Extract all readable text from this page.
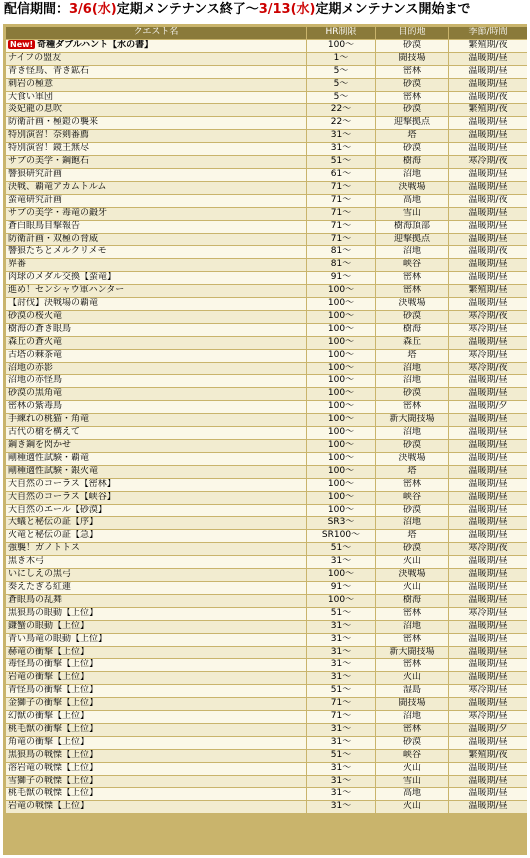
配信期間：3/6(水)定期メンテナンス終了〜3/13(水)定期メンテナンス開始まで
クエスト名	HR制限	目的地	季節/時間
New! 奇種ダブルハント【水の書】	100〜	砂漠	繁殖期/夜
ナイフの盟友	1〜	闘技場	温暖期/昼
青き怪鳥、青き鉱石	5〜	密林	温暖期/昼
刺岩の極意	5〜	砂漠	温暖期/昼
大食い軍団	5〜	密林	温暖期/夜
炎妃龍の息吹	22〜	砂漠	繁殖期/夜
防衛計画・極鎧の襲来	22〜	迎撃拠点	温暖期/昼
特別演習！奈剣番薦	31〜	塔	温暖期/昼
特別演習！鏡王無尽	31〜	砂漠	温暖期/昼
サブの美学・鋼飽石	51〜	樹海	寒冷期/夜
響狼研究計画	61〜	沼地	温暖期/昼
決戦、覇竜アカムトルム	71〜	決戦場	温暖期/昼
蛮竜研究計画	71〜	高地	温暖期/夜
サブの美学・毒竜の鍛牙	71〜	雪山	温暖期/昼
蒼白眼鳥目撃報告	71〜	樹海頂部	温暖期/昼
防衛計画・双極の脅威	71〜	迎撃拠点	温暖期/昼
響狼たちとメルクリメモ	81〜	沼地	温暖期/夜
界番	81〜	峡谷	温暖期/昼
肉球のメダル交換【蛮竜】	91〜	密林	温暖期/昼
進め！センシャウ軍ハンター	100〜	密林	繁殖期/昼
【討伐】決戦場の覇竜	100〜	決戦場	温暖期/昼
砂漠の桜火竜	100〜	砂漠	寒冷期/夜
樹海の蒼き眼鳥	100〜	樹海	寒冷期/昼
森丘の蒼火竜	100〜	森丘	温暖期/昼
古塔の棘茶竜	100〜	塔	寒冷期/昼
沼地の赤影	100〜	沼地	寒冷期/夜
沼地の赤怪鳥	100〜	沼地	温暖期/昼
砂漠の黒角竜	100〜	砂漠	温暖期/昼
密林の紫毒鳥	100〜	密林	温暖期/夕
手練れの桃猫・角竜	100〜	新大闘技場	温暖期/昼
古代の槍を構えて	100〜	沼地	温暖期/昼
鋼き鋼を閃かせ	100〜	砂漠	温暖期/昼
剛種適性試験・覇竜	100〜	決戦場	温暖期/昼
剛種適性試験・銀火竜	100〜	塔	温暖期/昼
大自然のコーラス【密林】	100〜	密林	温暖期/昼
大自然のコーラス【峡谷】	100〜	峡谷	温暖期/昼
大自然のエール【砂漠】	100〜	砂漠	温暖期/昼
大蟻と秘伝の証【序】	SR3〜	沼地	温暖期/昼
火竜と秘伝の証【急】	SR100〜	塔	温暖期/昼
強襲！ガノトトス	51〜	砂漠	寒冷期/夜
黒き木弓	31〜	火山	温暖期/昼
いにしえの黒弓	100〜	決戦場	温暖期/昼
奏えたぎる紅蓮	91〜	火山	温暖期/昼
蒼眼鳥の乱舞	100〜	樹海	温暖期/昼
黒狼鳥の眼動【上位】	51〜	密林	寒冷期/昼
鎌蟹の眼動【上位】	31〜	沼地	温暖期/昼
青い鳥竜の眼動【上位】	31〜	密林	温暖期/昼
赫竜の衝撃【上位】	31〜	新大闘技場	温暖期/昼
毒怪鳥の衝撃【上位】	31〜	密林	温暖期/昼
岩竜の衝撃【上位】	31〜	火山	温暖期/昼
青怪鳥の衝撃【上位】	51〜	湿島	寒冷期/昼
金獅子の衝撃【上位】	71〜	闘技場	温暖期/昼
幻獣の衝撃【上位】	71〜	沼地	寒冷期/昼
桃毛獣の衝撃【上位】	31〜	密林	温暖期/夕
角竜の衝撃【上位】	31〜	砂漠	温暖期/昼
黒狼鳥の戦慄【上位】	51〜	峡谷	繁殖期/夜
溶岩竜の戦慄【上位】	31〜	火山	温暖期/昼
雪獅子の戦慄【上位】	31〜	雪山	温暖期/昼
桃毛獣の戦慄【上位】	31〜	高地	温暖期/昼
岩竜の戦慄【上位】	31〜	火山	温暖期/昼
